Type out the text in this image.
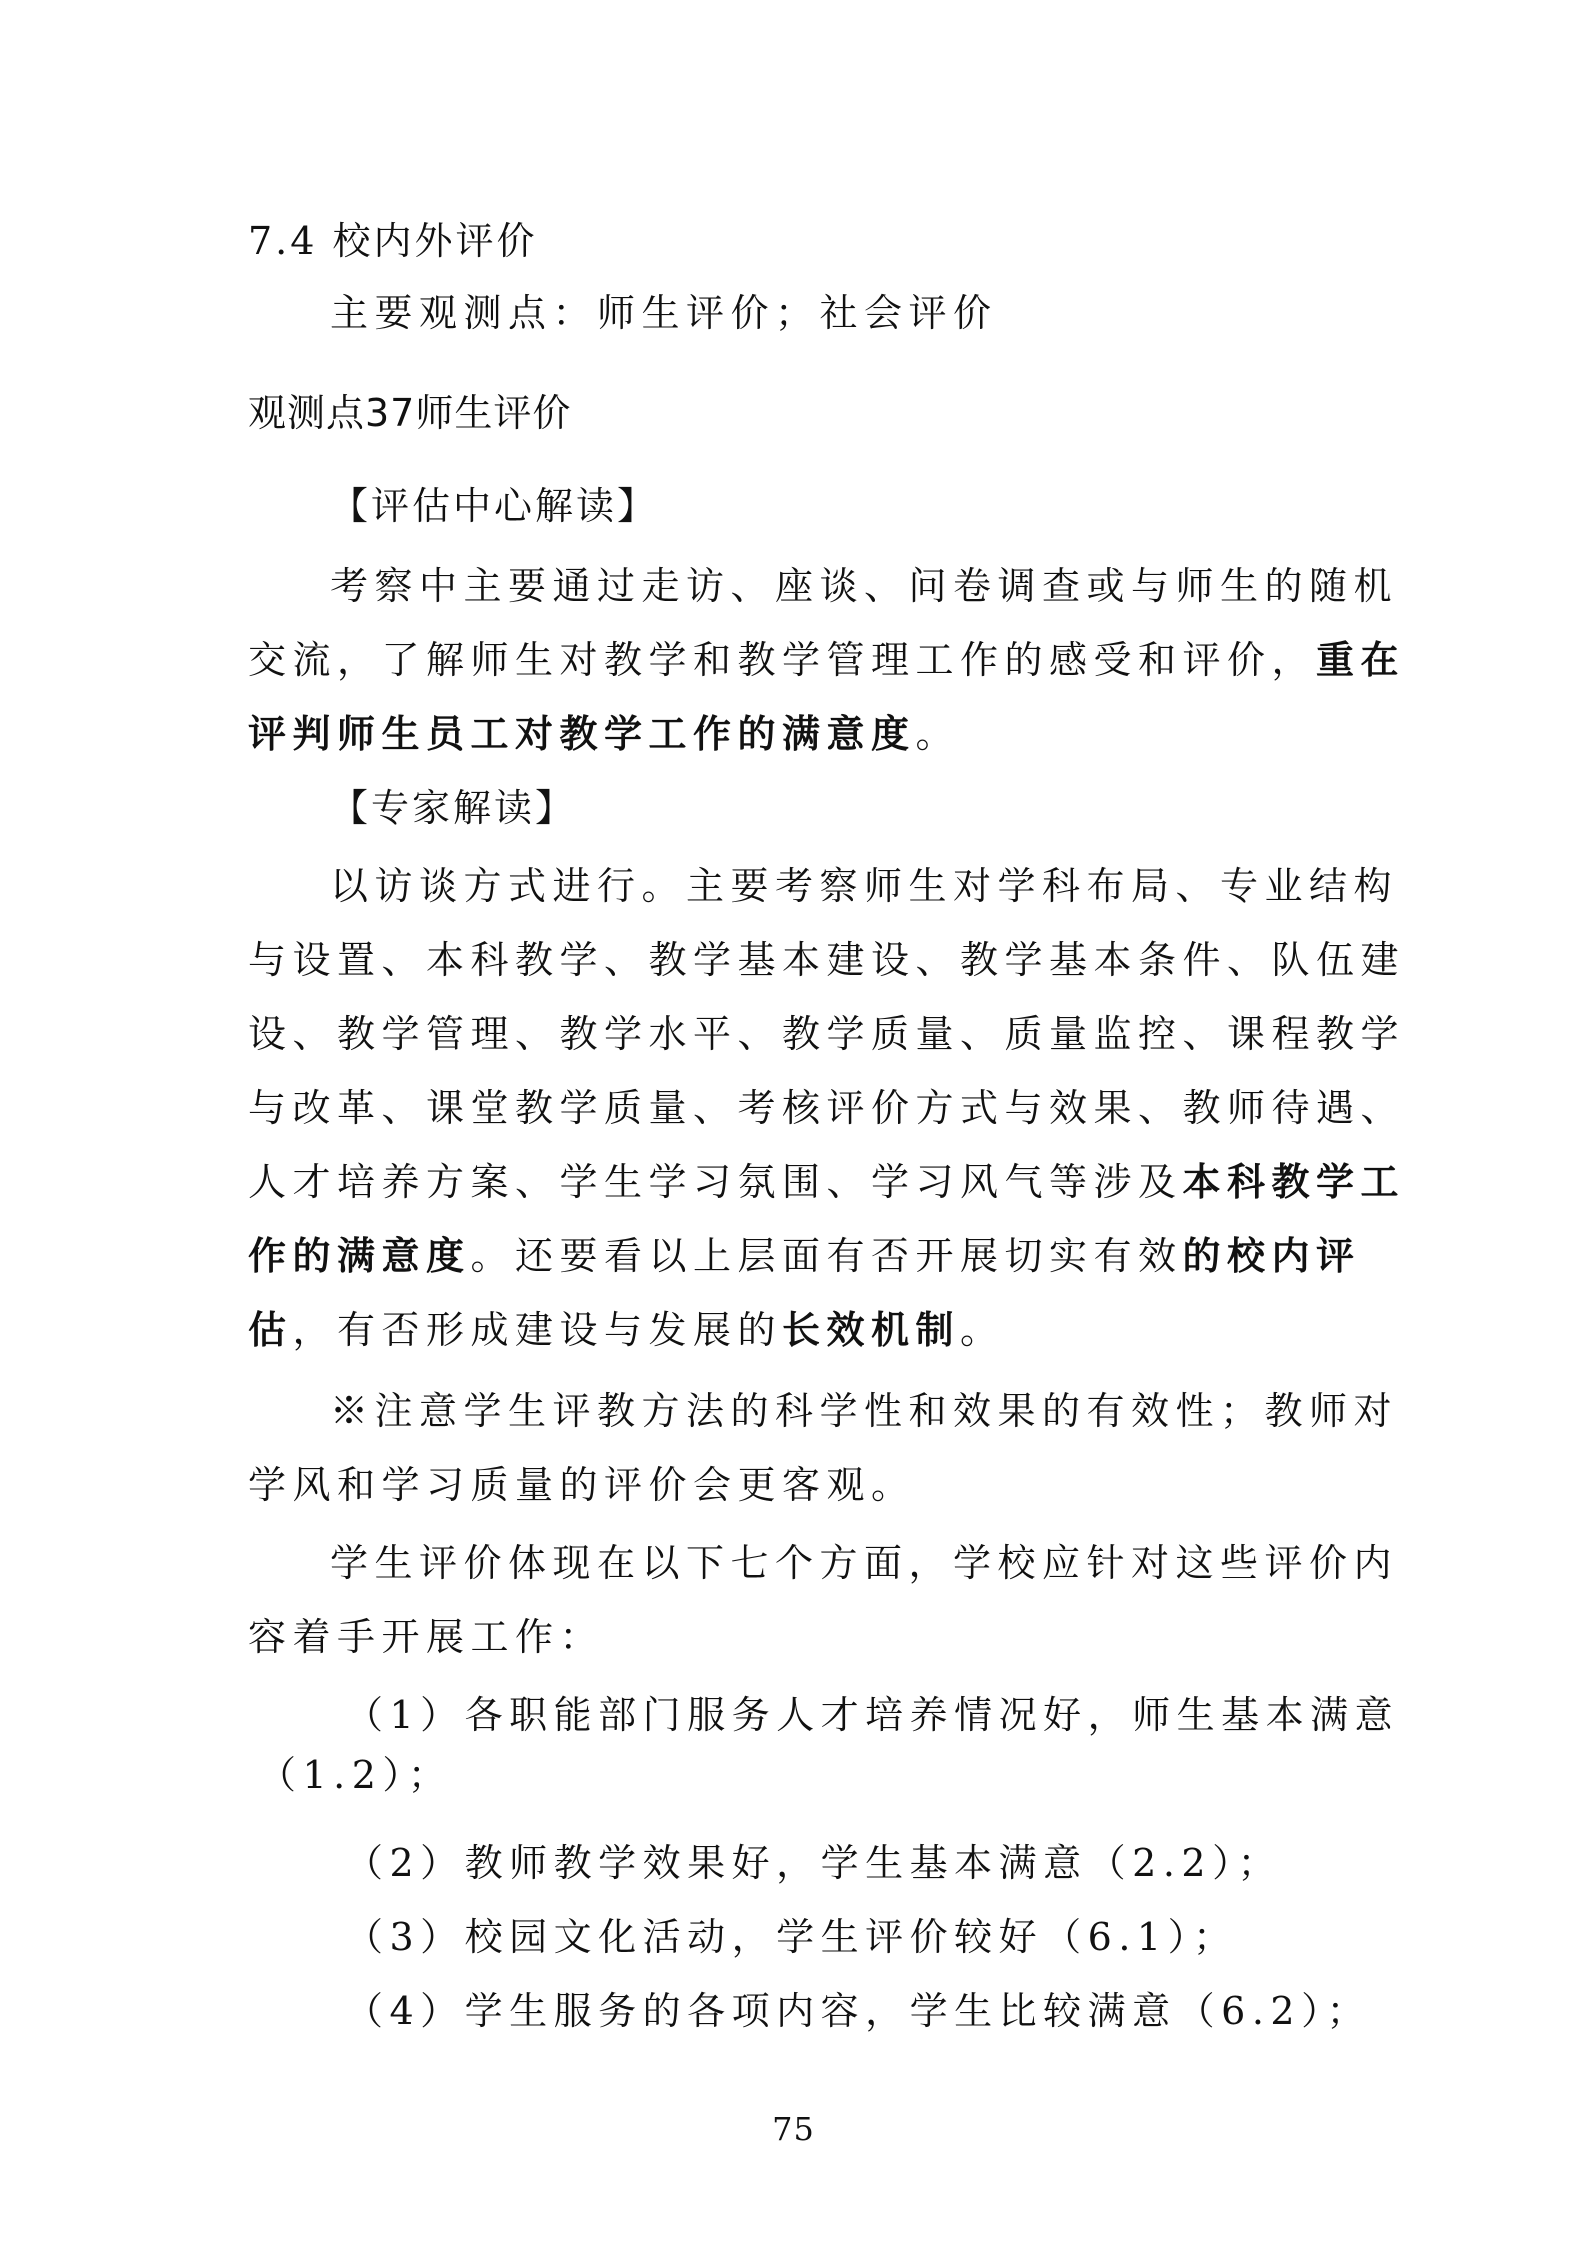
7.4 校内外评价
主要观测点：师生评价；社会评价
观测点37师生评价
【评估中心解读】
考察中主要通过走访、座谈、问卷调查或与师生的随机
交流，了解师生对教学和教学管理工作的感受和评价，重在
评判师生员工对教学工作的满意度。
【专家解读】
以访谈方式进行。主要考察师生对学科布局、专业结构
与设置、本科教学、教学基本建设、教学基本条件、队伍建
设、教学管理、教学水平、教学质量、质量监控、课程教学
与改革、课堂教学质量、考核评价方式与效果、教师待遇、
人才培养方案、学生学习氛围、学习风气等涉及本科教学工
作的满意度。还要看以上层面有否开展切实有效的校内评
估，有否形成建设与发展的长效机制。
※注意学生评教方法的科学性和效果的有效性；教师对
学风和学习质量的评价会更客观。
学生评价体现在以下七个方面，学校应针对这些评价内
容着手开展工作：
（1）各职能部门服务人才培养情况好，师生基本满意
（1.2）；
（2）教师教学效果好，学生基本满意（2.2）；
（3）校园文化活动，学生评价较好（6.1）；
（4）学生服务的各项内容，学生比较满意（6.2）；
75
